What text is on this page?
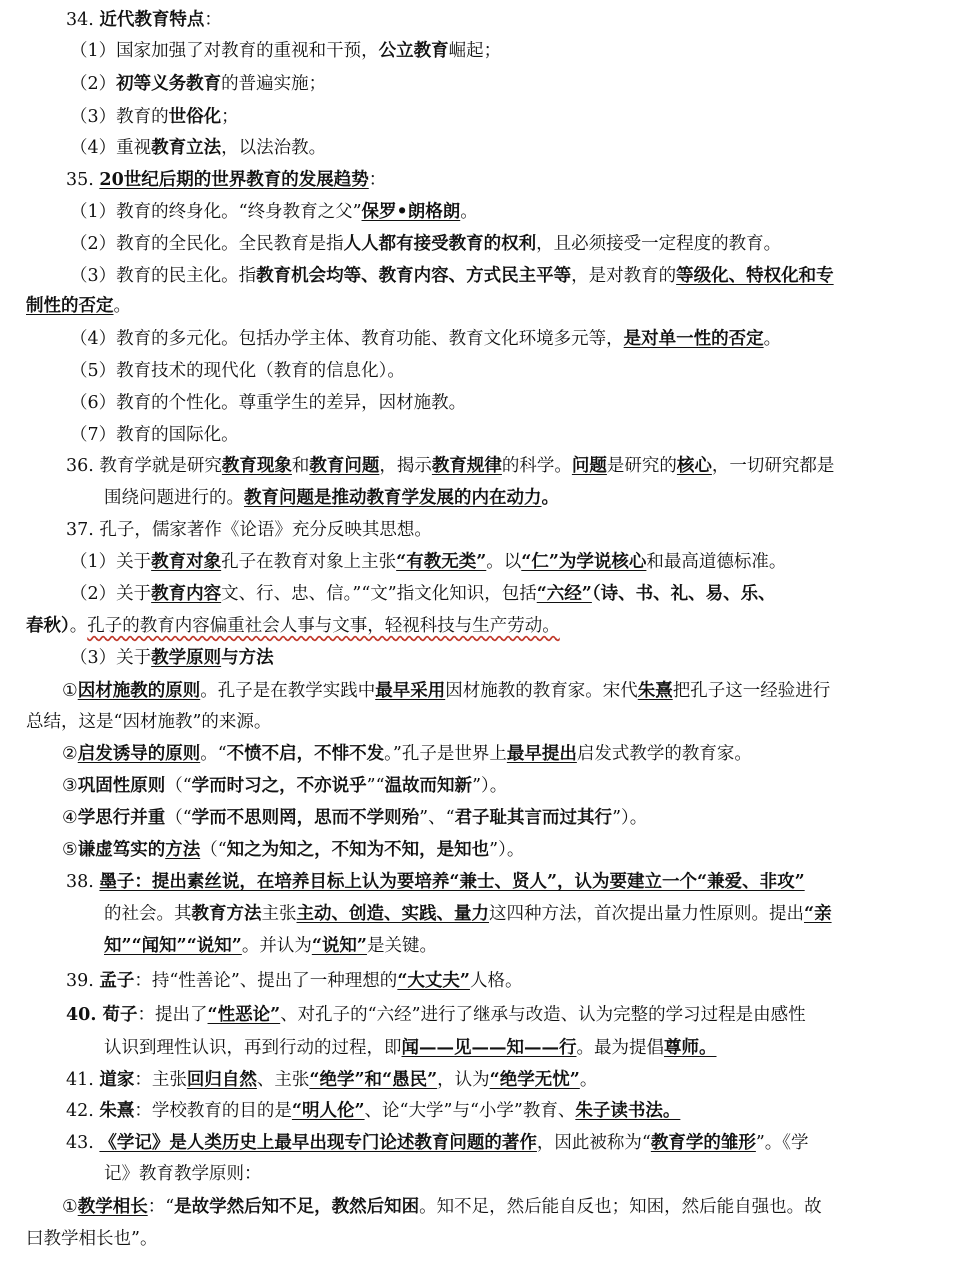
34. 近代教育特点：
（1）国家加强了对教育的重视和干预，公立教育崛起；
（2）初等义务教育的普遍实施；
（3）教育的世俗化；
（4）重视教育立法，以法治教。
35. 20世纪后期的世界教育的发展趋势：
（1）教育的终身化。“终身教育之父”保罗•朗格朗。
（2）教育的全民化。全民教育是指人人都有接受教育的权利，且必须接受一定程度的教育。
（3）教育的民主化。指教育机会均等、教育内容、方式民主平等，是对教育的等级化、特权化和专
制性的否定。
（4）教育的多元化。包括办学主体、教育功能、教育文化环境多元等，是对单一性的否定。
（5）教育技术的现代化（教育的信息化）。
（6）教育的个性化。尊重学生的差异，因材施教。
（7）教育的国际化。
36. 教育学就是研究教育现象和教育问题，揭示教育规律的科学。问题是研究的核心，一切研究都是
围绕问题进行的。教育问题是推动教育学发展的内在动力。
37. 孔子，儒家著作《论语》充分反映其思想。
（1）关于教育对象孔子在教育对象上主张“有教无类”。以“仁”为学说核心和最高道德标准。
（2）关于教育内容文、行、忠、信。”“文”指文化知识，包括“六经”（诗、书、礼、易、乐、
春秋）。孔子的教育内容偏重社会人事与文事，轻视科技与生产劳动。
（3）关于教学原则与方法
①因材施教的原则。孔子是在教学实践中最早采用因材施教的教育家。宋代朱熹把孔子这一经验进行
总结，这是“因材施教”的来源。
②启发诱导的原则。“不愤不启，不悱不发。”孔子是世界上最早提出启发式教学的教育家。
③巩固性原则（“学而时习之，不亦说乎”“温故而知新”）。
④学思行并重（“学而不思则罔，思而不学则殆”、“君子耻其言而过其行”）。
⑤谦虚笃实的方法（“知之为知之，不知为不知，是知也”）。
38. 墨子：提出素丝说，在培养目标上认为要培养“兼士、贤人”，认为要建立一个“兼爱、非攻”
的社会。其教育方法主张主动、创造、实践、量力这四种方法，首次提出量力性原则。提出“亲
知”“闻知”“说知”。并认为“说知”是关键。
39. 孟子：持“性善论”、提出了一种理想的“大丈夫”人格。
40. 荀子：提出了“性恶论”、对孔子的“六经”进行了继承与改造、认为完整的学习过程是由感性
认识到理性认识，再到行动的过程，即闻——见——知——行。最为提倡尊师。
41. 道家：主张回归自然、主张“绝学”和“愚民”，认为“绝学无忧”。
42. 朱熹：学校教育的目的是“明人伦”、论“大学”与“小学”教育、朱子读书法。
43. 《学记》是人类历史上最早出现专门论述教育问题的著作，因此被称为“教育学的雏形”。《学
记》教育教学原则：
①教学相长：“是故学然后知不足，教然后知困。知不足，然后能自反也；知困，然后能自强也。故
曰教学相长也”。
